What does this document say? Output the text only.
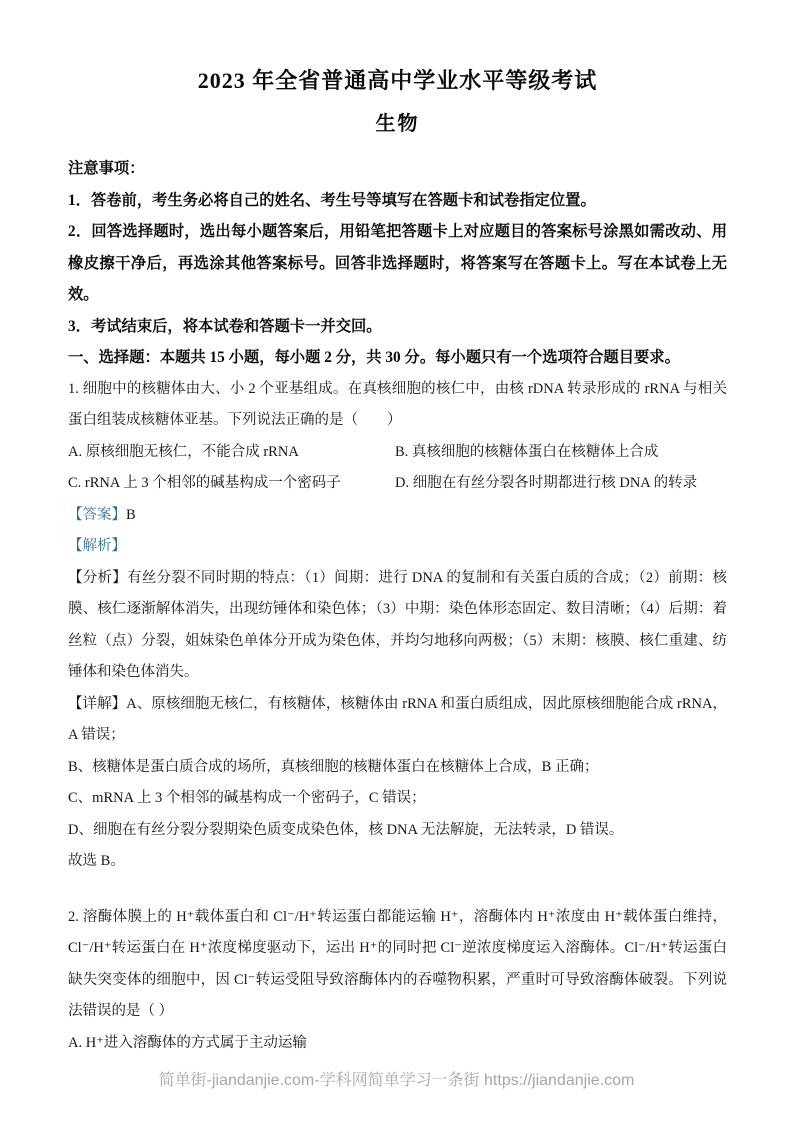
2023 年全省普通高中学业水平等级考试
生物

注意事项：

1．答卷前，考生务必将自己的姓名、考生号等填写在答题卡和试卷指定位置。

2．回答选择题时，选出每小题答案后，用铅笔把答题卡上对应题目的答案标号涂黑如需改动、用橡皮擦干净后，再选涂其他答案标号。回答非选择题时，将答案写在答题卡上。写在本试卷上无效。

3．考试结束后，将本试卷和答题卡一并交回。

一、选择题：本题共 15 小题，每小题 2 分，共 30 分。每小题只有一个选项符合题目要求。

1. 细胞中的核糖体由大、小 2 个亚基组成。在真核细胞的核仁中，由核 rDNA 转录形成的 rRNA 与相关蛋白组装成核糖体亚基。下列说法正确的是（　　）

A. 原核细胞无核仁，不能合成 rRNA	B. 真核细胞的核糖体蛋白在核糖体上合成
C. rRNA 上 3 个相邻的碱基构成一个密码子	D. 细胞在有丝分裂各时期都进行核 DNA 的转录

【答案】B

【解析】

【分析】有丝分裂不同时期的特点：（1）间期：进行 DNA 的复制和有关蛋白质的合成；（2）前期：核膜、核仁逐渐解体消失，出现纺锤体和染色体；（3）中期：染色体形态固定、数目清晰；（4）后期：着丝粒（点）分裂，姐妹染色单体分开成为染色体，并均匀地移向两极；（5）末期：核膜、核仁重建、纺锤体和染色体消失。

【详解】A、原核细胞无核仁，有核糖体，核糖体由 rRNA 和蛋白质组成，因此原核细胞能合成 rRNA，A 错误；

B、核糖体是蛋白质合成的场所，真核细胞的核糖体蛋白在核糖体上合成，B 正确；

C、mRNA 上 3 个相邻的碱基构成一个密码子，C 错误；

D、细胞在有丝分裂分裂期染色质变成染色体，核 DNA 无法解旋，无法转录，D 错误。

故选 B。

2. 溶酶体膜上的 H⁺载体蛋白和 Cl⁻/H⁺转运蛋白都能运输 H⁺，溶酶体内 H⁺浓度由 H⁺载体蛋白维持，Cl⁻/H⁺转运蛋白在 H⁺浓度梯度驱动下，运出 H⁺的同时把 Cl⁻逆浓度梯度运入溶酶体。Cl⁻/H⁺转运蛋白缺失突变体的细胞中，因 Cl⁻转运受阻导致溶酶体内的吞噬物积累，严重时可导致溶酶体破裂。下列说法错误的是（ ）

A. H⁺进入溶酶体的方式属于主动运输

简单街-jiandanjie.com-学科网简单学习一条街 https://jiandanjie.com
